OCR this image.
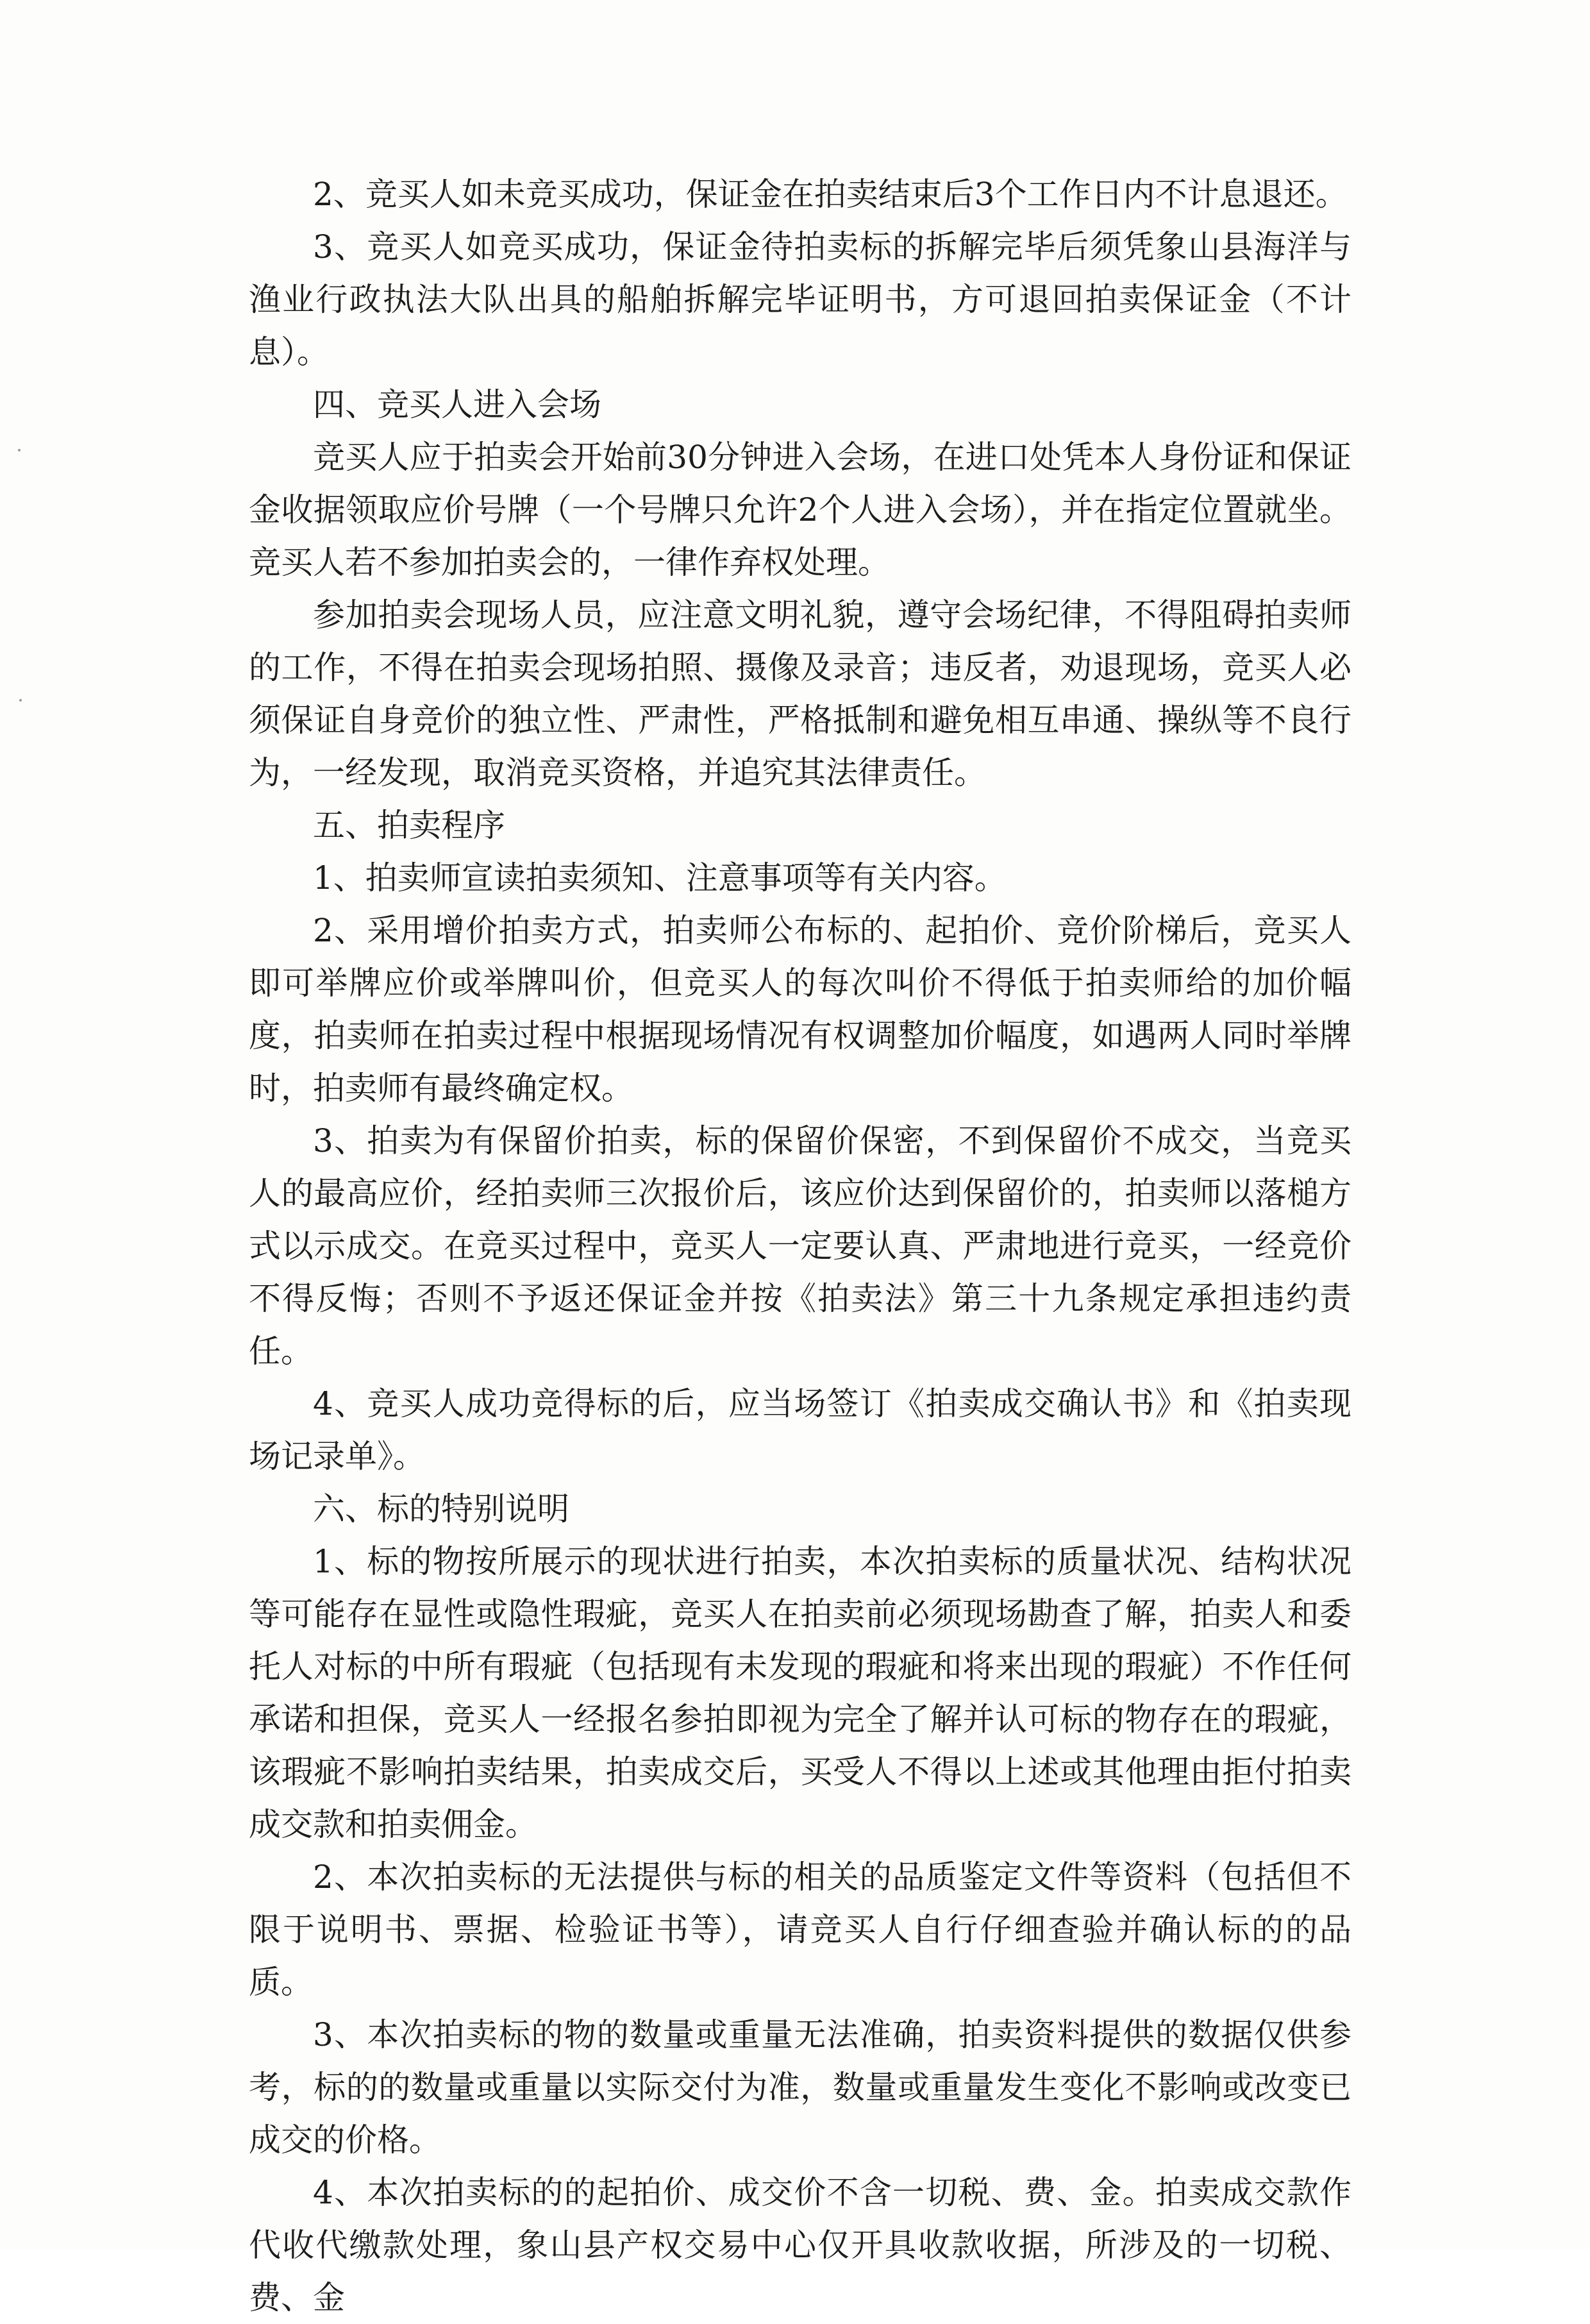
2、竞买人如未竞买成功，保证金在拍卖结束后3个工作日内不计息退还。

3、竞买人如竞买成功，保证金待拍卖标的拆解完毕后须凭象山县海洋与渔业行政执法大队出具的船舶拆解完毕证明书，方可退回拍卖保证金（不计息）。

四、竞买人进入会场

竞买人应于拍卖会开始前30分钟进入会场，在进口处凭本人身份证和保证金收据领取应价号牌（一个号牌只允许2个人进入会场），并在指定位置就坐。竞买人若不参加拍卖会的，一律作弃权处理。

参加拍卖会现场人员，应注意文明礼貌，遵守会场纪律，不得阻碍拍卖师的工作，不得在拍卖会现场拍照、摄像及录音；违反者，劝退现场，竞买人必须保证自身竞价的独立性、严肃性，严格抵制和避免相互串通、操纵等不良行为，一经发现，取消竞买资格，并追究其法律责任。

五、拍卖程序

1、拍卖师宣读拍卖须知、注意事项等有关内容。

2、采用增价拍卖方式，拍卖师公布标的、起拍价、竞价阶梯后，竞买人即可举牌应价或举牌叫价，但竞买人的每次叫价不得低于拍卖师给的加价幅度，拍卖师在拍卖过程中根据现场情况有权调整加价幅度，如遇两人同时举牌时，拍卖师有最终确定权。

3、拍卖为有保留价拍卖，标的保留价保密，不到保留价不成交，当竞买人的最高应价，经拍卖师三次报价后，该应价达到保留价的，拍卖师以落槌方式以示成交。在竞买过程中，竞买人一定要认真、严肃地进行竞买，一经竞价不得反悔；否则不予返还保证金并按《拍卖法》第三十九条规定承担违约责任。

4、竞买人成功竞得标的后，应当场签订《拍卖成交确认书》和《拍卖现场记录单》。

六、标的特别说明

1、标的物按所展示的现状进行拍卖，本次拍卖标的质量状况、结构状况等可能存在显性或隐性瑕疵，竞买人在拍卖前必须现场勘查了解，拍卖人和委托人对标的中所有瑕疵（包括现有未发现的瑕疵和将来出现的瑕疵）不作任何承诺和担保，竞买人一经报名参拍即视为完全了解并认可标的物存在的瑕疵，该瑕疵不影响拍卖结果，拍卖成交后，买受人不得以上述或其他理由拒付拍卖成交款和拍卖佣金。

2、本次拍卖标的无法提供与标的相关的品质鉴定文件等资料（包括但不限于说明书、票据、检验证书等），请竞买人自行仔细查验并确认标的的品质。

3、本次拍卖标的物的数量或重量无法准确，拍卖资料提供的数据仅供参考，标的的数量或重量以实际交付为准，数量或重量发生变化不影响或改变已成交的价格。

4、本次拍卖标的的起拍价、成交价不含一切税、费、金。拍卖成交款作代收代缴款处理，象山县产权交易中心仅开具收款收据，所涉及的一切税、费、金
